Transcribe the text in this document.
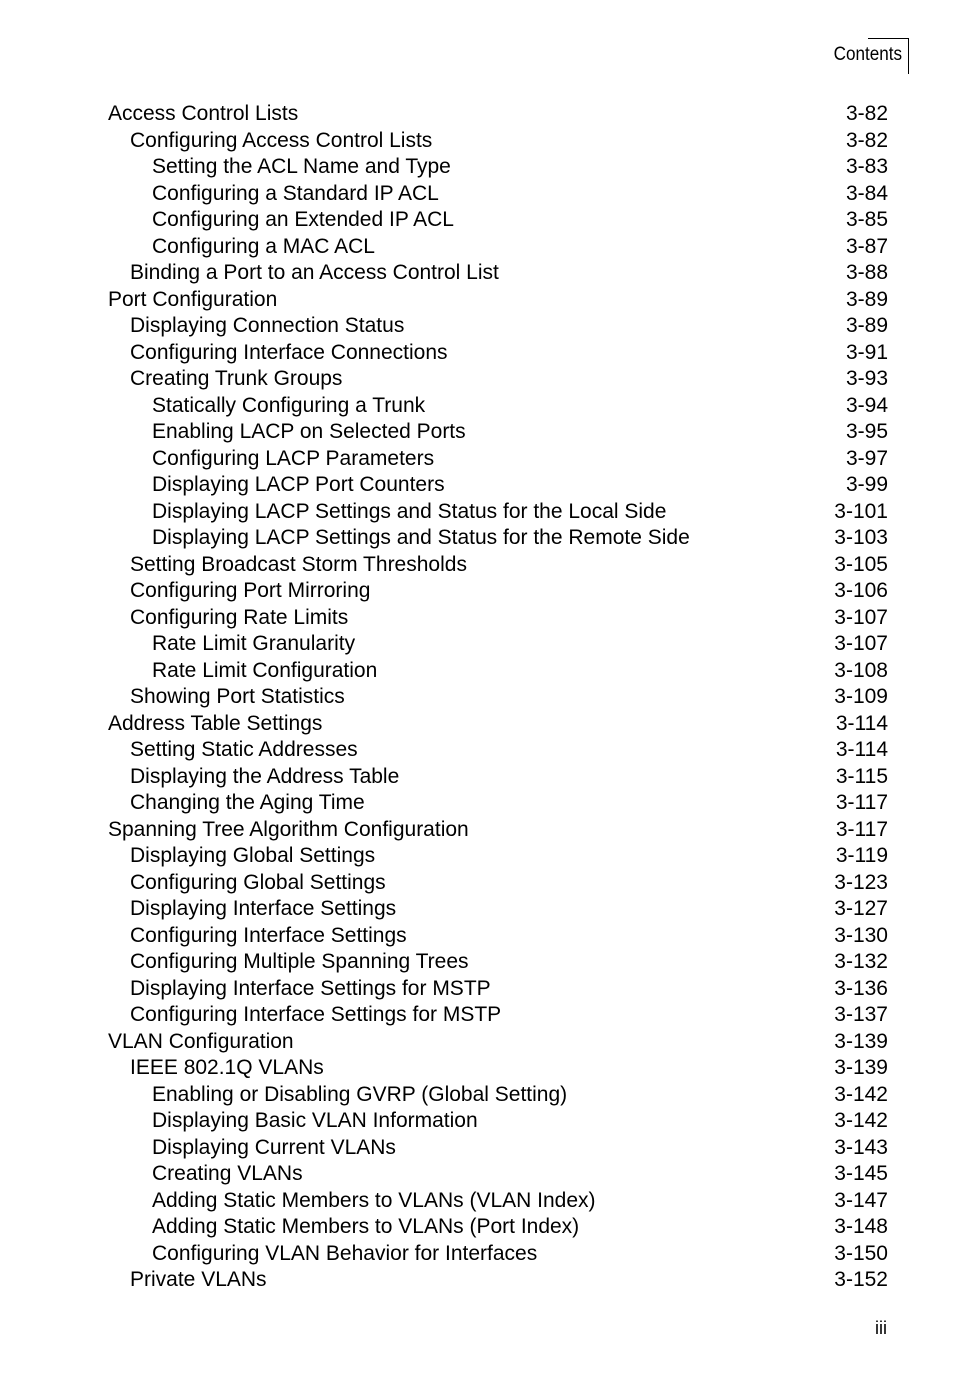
Contents
Access Control Lists	3-82
Configuring Access Control Lists	3-82
Setting the ACL Name and Type	3-83
Configuring a Standard IP ACL	3-84
Configuring an Extended IP ACL	3-85
Configuring a MAC ACL	3-87
Binding a Port to an Access Control List	3-88
Port Configuration	3-89
Displaying Connection Status	3-89
Configuring Interface Connections	3-91
Creating Trunk Groups	3-93
Statically Configuring a Trunk	3-94
Enabling LACP on Selected Ports	3-95
Configuring LACP Parameters	3-97
Displaying LACP Port Counters	3-99
Displaying LACP Settings and Status for the Local Side	3-101
Displaying LACP Settings and Status for the Remote Side	3-103
Setting Broadcast Storm Thresholds	3-105
Configuring Port Mirroring	3-106
Configuring Rate Limits	3-107
Rate Limit Granularity	3-107
Rate Limit Configuration	3-108
Showing Port Statistics	3-109
Address Table Settings	3-114
Setting Static Addresses	3-114
Displaying the Address Table	3-115
Changing the Aging Time	3-117
Spanning Tree Algorithm Configuration	3-117
Displaying Global Settings	3-119
Configuring Global Settings	3-123
Displaying Interface Settings	3-127
Configuring Interface Settings	3-130
Configuring Multiple Spanning Trees	3-132
Displaying Interface Settings for MSTP	3-136
Configuring Interface Settings for MSTP	3-137
VLAN Configuration	3-139
IEEE 802.1Q VLANs	3-139
Enabling or Disabling GVRP (Global Setting)	3-142
Displaying Basic VLAN Information	3-142
Displaying Current VLANs	3-143
Creating VLANs	3-145
Adding Static Members to VLANs (VLAN Index)	3-147
Adding Static Members to VLANs (Port Index)	3-148
Configuring VLAN Behavior for Interfaces	3-150
Private VLANs	3-152
iii
